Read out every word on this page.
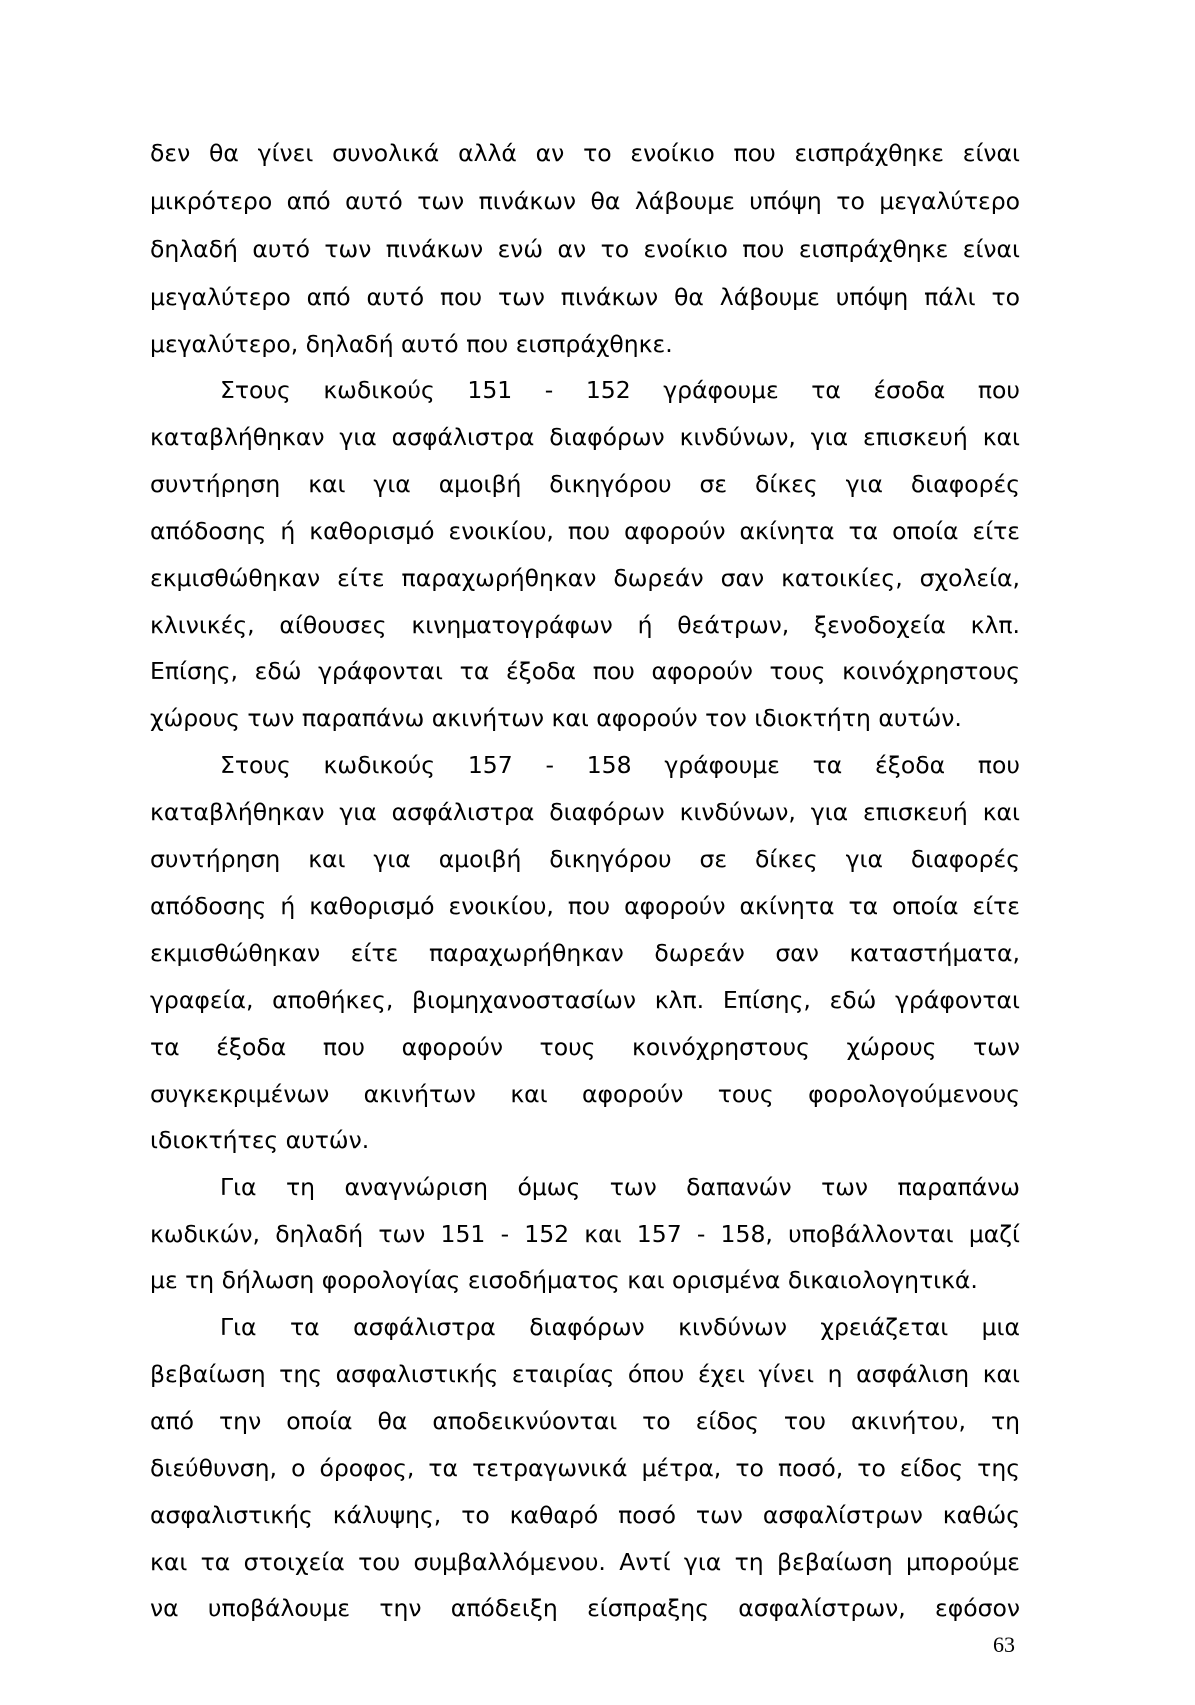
δεν θα γίνει συνολικά αλλά αν το ενοίκιο που εισπράχθηκε είναι
μικρότερο από αυτό των πινάκων θα λάβουμε υπόψη το μεγαλύτερο
δηλαδή αυτό των πινάκων ενώ αν το ενοίκιο που εισπράχθηκε είναι
μεγαλύτερο από αυτό που των πινάκων θα λάβουμε υπόψη πάλι το
μεγαλύτερο, δηλαδή αυτό που εισπράχθηκε.
Στους κωδικούς 151 - 152 γράφουμε τα έσοδα που
καταβλήθηκαν για ασφάλιστρα διαφόρων κινδύνων, για επισκευή και
συντήρηση και για αμοιβή δικηγόρου σε δίκες για διαφορές
απόδοσης ή καθορισμό ενοικίου, που αφορούν ακίνητα τα οποία είτε
εκμισθώθηκαν είτε παραχωρήθηκαν δωρεάν σαν κατοικίες, σχολεία,
κλινικές, αίθουσες κινηματογράφων ή θεάτρων, ξενοδοχεία κλπ.
Επίσης, εδώ γράφονται τα έξοδα που αφορούν τους κοινόχρηστους
χώρους των παραπάνω ακινήτων και αφορούν τον ιδιοκτήτη αυτών.
Στους κωδικούς 157 - 158 γράφουμε τα έξοδα που
καταβλήθηκαν για ασφάλιστρα διαφόρων κινδύνων, για επισκευή και
συντήρηση και για αμοιβή δικηγόρου σε δίκες για διαφορές
απόδοσης ή καθορισμό ενοικίου, που αφορούν ακίνητα τα οποία είτε
εκμισθώθηκαν είτε παραχωρήθηκαν δωρεάν σαν καταστήματα,
γραφεία, αποθήκες, βιομηχανοστασίων κλπ. Επίσης, εδώ γράφονται
τα έξοδα που αφορούν τους κοινόχρηστους χώρους των
συγκεκριμένων ακινήτων και αφορούν τους φορολογούμενους
ιδιοκτήτες αυτών.
Για τη αναγνώριση όμως των δαπανών των παραπάνω
κωδικών, δηλαδή των 151 - 152 και 157 - 158, υποβάλλονται μαζί
με τη δήλωση φορολογίας εισοδήματος και ορισμένα δικαιολογητικά.
Για τα ασφάλιστρα διαφόρων κινδύνων χρειάζεται μια
βεβαίωση της ασφαλιστικής εταιρίας όπου έχει γίνει η ασφάλιση και
από την οποία θα αποδεικνύονται το είδος του ακινήτου, τη
διεύθυνση, ο όροφος, τα τετραγωνικά μέτρα, το ποσό, το είδος της
ασφαλιστικής κάλυψης, το καθαρό ποσό των ασφαλίστρων καθώς
και τα στοιχεία του συμβαλλόμενου. Αντί για τη βεβαίωση μπορούμε
να υποβάλουμε την απόδειξη είσπραξης ασφαλίστρων, εφόσον
63
